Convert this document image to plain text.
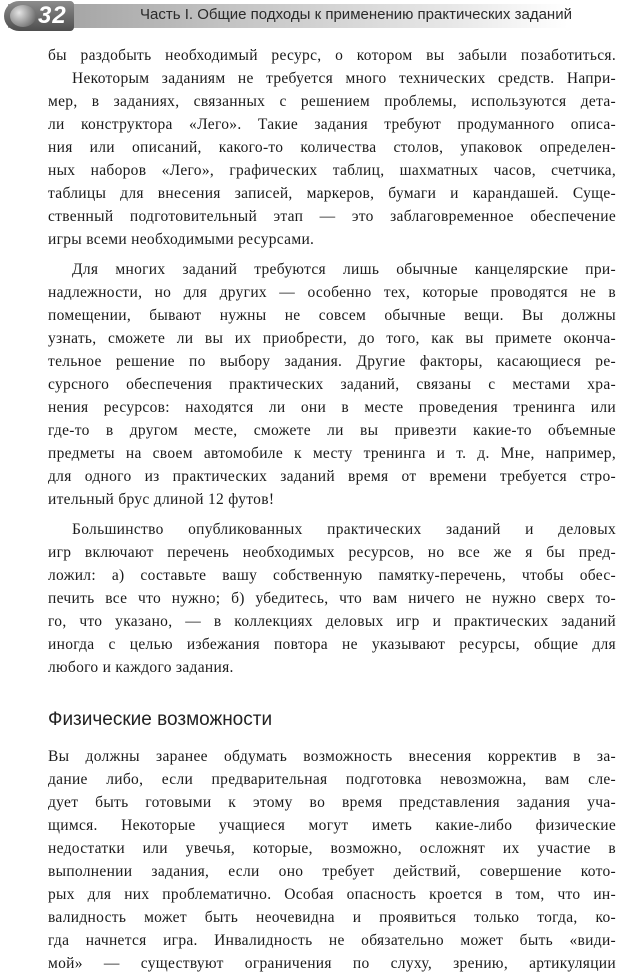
32	Часть I. Общие подходы к применению практических заданий

бы раздобыть необходимый ресурс, о котором вы забыли позаботиться.

Некоторым заданиям не требуется много технических средств. Напри-

мер, в заданиях, связанных с решением проблемы, используются дета-

ли конструктора «Лего». Такие задания требуют продуманного описа-

ния или описаний, какого-то количества столов, упаковок определен-

ных наборов «Лего», графических таблиц, шахматных часов, счетчика,

таблицы для внесения записей, маркеров, бумаги и карандашей. Суще-

ственный подготовительный этап — это заблаговременное обеспечение

игры всеми необходимыми ресурсами.

Для многих заданий требуются лишь обычные канцелярские при-

надлежности, но для других — особенно тех, которые проводятся не в

помещении, бывают нужны не совсем обычные вещи. Вы должны

узнать, сможете ли вы их приобрести, до того, как вы примете оконча-

тельное решение по выбору задания. Другие факторы, касающиеся ре-

сурсного обеспечения практических заданий, связаны с местами хра-

нения ресурсов: находятся ли они в месте проведения тренинга или

где-то в другом месте, сможете ли вы привезти какие-то объемные

предметы на своем автомобиле к месту тренинга и т. д. Мне, например,

для одного из практических заданий время от времени требуется стро-

ительный брус длиной 12 футов!

Большинство опубликованных практических заданий и деловых

игр включают перечень необходимых ресурсов, но все же я бы пред-

ложил: а) составьте вашу собственную памятку-перечень, чтобы обес-

печить все что нужно; б) убедитесь, что вам ничего не нужно сверх то-

го, что указано, — в коллекциях деловых игр и практических заданий

иногда с целью избежания повтора не указывают ресурсы, общие для

любого и каждого задания.

Физические возможности

Вы должны заранее обдумать возможность внесения корректив в за-

дание либо, если предварительная подготовка невозможна, вам сле-

дует быть готовыми к этому во время представления задания уча-

щимся. Некоторые учащиеся могут иметь какие-либо физические

недостатки или увечья, которые, возможно, осложнят их участие в

выполнении задания, если оно требует действий, совершение кото-

рых для них проблематично. Особая опасность кроется в том, что ин-

валидность может быть неочевидна и проявиться только тогда, ко-

гда начнется игра. Инвалидность не обязательно может быть «види-

мой» — существуют ограничения по слуху, зрению, артикуляции
